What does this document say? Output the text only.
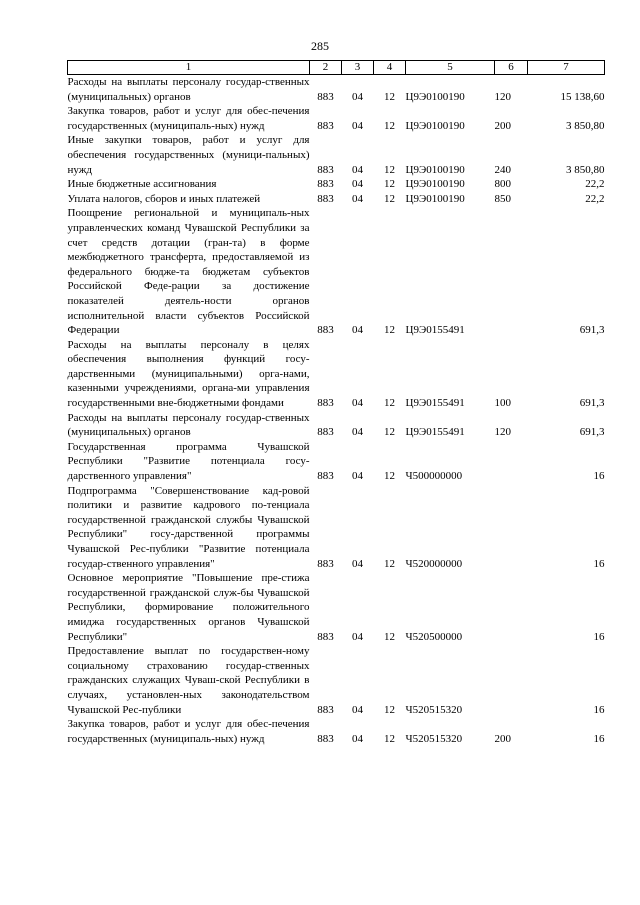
285
1	2	3	4	5	6	7
Расходы на выплаты персоналу государ-ственных (муниципальных) органов	883	04	12	Ц9Э0100190	120	15 138,60
Закупка товаров, работ и услуг для обес-печения государственных (муниципаль-ных) нужд	883	04	12	Ц9Э0100190	200	3 850,80
Иные закупки товаров, работ и услуг для обеспечения государственных (муници-пальных) нужд	883	04	12	Ц9Э0100190	240	3 850,80
Иные бюджетные ассигнования	883	04	12	Ц9Э0100190	800	22,2
Уплата налогов, сборов и иных платежей	883	04	12	Ц9Э0100190	850	22,2
Поощрение региональной и муниципаль-ных управленческих команд Чувашской Республики за счет средств дотации (гран-та) в форме межбюджетного трансферта, предоставляемой из федерального бюдже-та бюджетам субъектов Российской Феде-рации за достижение показателей деятель-ности органов исполнительной власти субъектов Российской Федерации	883	04	12	Ц9Э0155491		691,3
Расходы на выплаты персоналу в целях обеспечения выполнения функций госу-дарственными (муниципальными) орга-нами, казенными учреждениями, органа-ми управления государственными вне-бюджетными фондами	883	04	12	Ц9Э0155491	100	691,3
Расходы на выплаты персоналу государ-ственных (муниципальных) органов	883	04	12	Ц9Э0155491	120	691,3
Государственная программа Чувашской Республики "Развитие потенциала госу-дарственного управления"	883	04	12	Ч500000000		16
Подпрограмма "Совершенствование кад-ровой политики и развитие кадрового по-тенциала государственной гражданской службы Чувашской Республики" госу-дарственной программы Чувашской Рес-публики "Развитие потенциала государ-ственного управления"	883	04	12	Ч520000000		16
Основное мероприятие "Повышение пре-стижа государственной гражданской служ-бы Чувашской Республики, формирование положительного имиджа государственных органов Чувашской Республики"	883	04	12	Ч520500000		16
Предоставление выплат по государствен-ному социальному страхованию государ-ственных гражданских служащих Чуваш-ской Республики в случаях, установлен-ных законодательством Чувашской Рес-публики	883	04	12	Ч520515320		16
Закупка товаров, работ и услуг для обес-печения государственных (муниципаль-ных) нужд	883	04	12	Ч520515320	200	16
